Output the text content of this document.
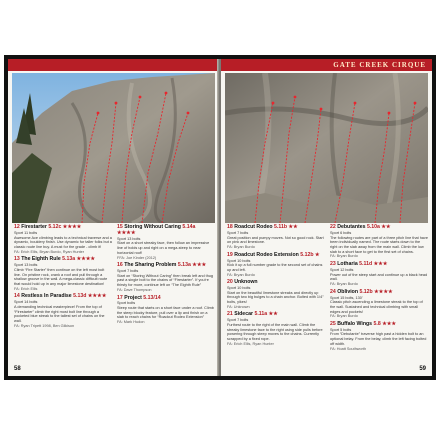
12 Firestarter 5.12c ★★★★
Sport 11 bolts
Awesome Ace climbing leads to a technical traverse and a dynamic, bouldery finish. Use dynamic for taller folks but a classic route line buy. A must for the grade - climb it!
FA: Erich Ellis, Bryan Burdo, Ryan Hunter
13 The Eighth Rule 5.13a ★★★★
Sport 13 bolts
Climb “Fire Starter” then continue on the left most bolt line. On pristine rock, crank a roof and pull through a shallow groove in the wall. A mega-classic difficult route that would hold up in any major limestone destination!
FA: Erich Ellis
14 Restless In Paradise 5.13d ★★★★
Sport 14 bolts
A demanding technical masterpiece! From the top of “Firestarter” climb the right most bolt line through a pocketed blue streak to the tallest set of chains on the wall.
FA: Ryan Tripett 1998, Ben Gilkison
15 Storing Without Caring 5.14a ★★★★
Sport 13 bolts
Start on a short streaky face, then follow an impressive line of holds up and right on a mega-steep to near horizontal roof!
FFA: Joe Kinder (2012)
16 The Sharing Problem 5.13a ★★★
Sport 7 bolts
Start on “Storing Without Caring” then break left and thug past a single bolt to the chains of “Firestarter”. If you’re thirsty for more, continue left on “The Eighth Rule”
FA: Dave Thompson
17 Project 5.13/14
Sport bolts
Steep route that starts on a short face under a roof. Climb the steep blocky feature, pull over a lip and finish on a slab to reach chains for “Roadcut Rodeo Extension”
FA: Mark Hudon
58
GATE CREEK CIRQUE
18 Roadcut Rodeo 5.11b ★★
Sport 7 bolts
Great position and pumpy moves. Not so good rock. Start on pink and limestone.
FA: Bryan Burdo
19 Roadcut Rodeo Extension 5.12b ★
Sport 10 bolts
Kick it up a full number grade to the second set of chains up and left.
FA: Bryan Burdo
20 Unknown
Sport 10 bolts
Start on the beautiful limestone streaks and directly up through two big bulges to a chain anchor. Bolted with 1/4” bolts, yikes!
FA: Unknown
21 Sidecar 5.11a ★★
Sport 7 bolts
Furthest route to the right of the main wall. Climb the streaky limestone face to the right using side pulls before powering through steep moves to the chains. Currently scrapped by a fixed rope.
FA: Erich Ellis, Ryan Hunter
22 Debutantes 5.10a ★★
Sport 6 bolts
The following routes are part of a three pitch line that have been individually named. The route starts down to the right on the slab away from the main wall. Climb the low slab to a short face to get to the first set of chains.
FA: Bryan Burdo
23 Lotharia 5.11d ★★★
Sport 12 bolts
Power out of the steep start and continue up a black head wall.
FA: Bryan Burdo
24 Oblivion 5.12b ★★★★
Sport 15 bolts, 130'
Classic pitch ascending a limestone streak to the top of the wall. Sustained and technical climbing with small edges and pockets!
FA: Bryan Burdo
25 Buffalo Wings 5.8 ★★★
Sport 5 bolts
From “Debutante” traverse high past a hidden bolt to an optional belay. From the belay, climb the left facing bolted off width.
FA: Hoatt Southworth
59
